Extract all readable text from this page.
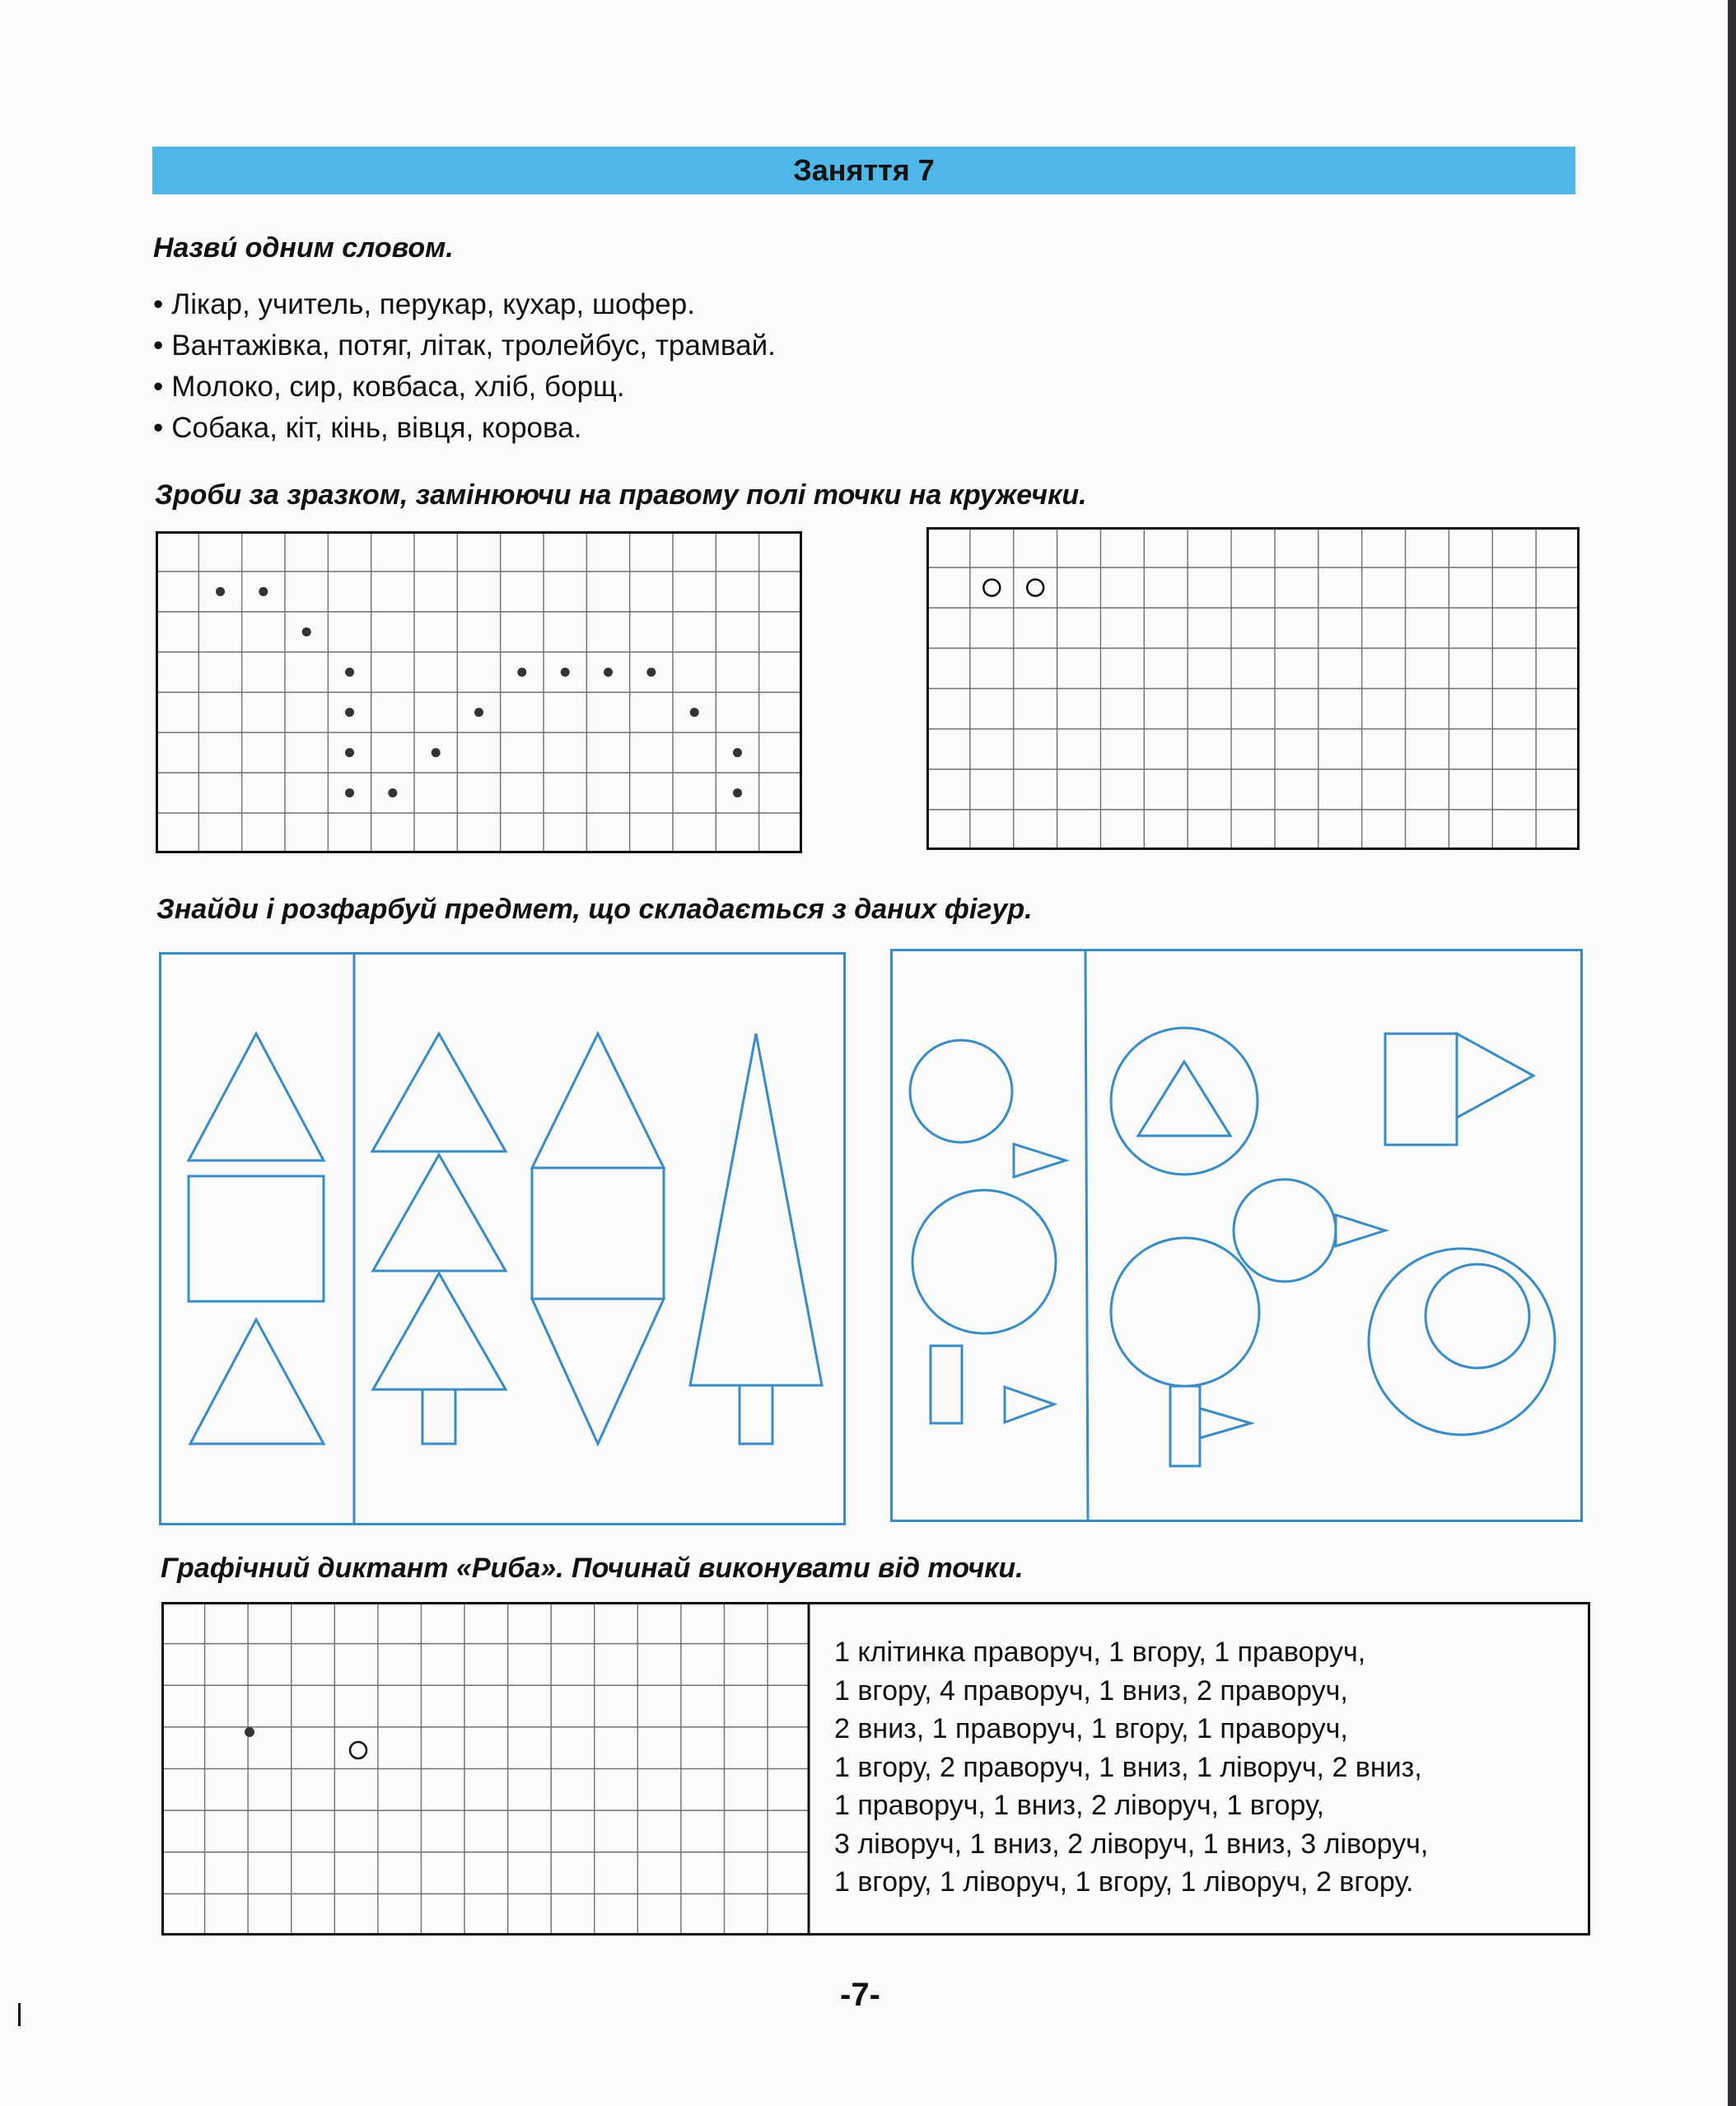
Заняття 7
Назви́ одним словом.
• Лікар, учитель, перукар, кухар, шофер.
• Вантажівка, потяг, літак, тролейбус, трамвай.
• Молоко, сир, ковбаса, хліб, борщ.
• Собака, кіт, кінь, вівця, корова.
Зроби за зразком, замінюючи на правому полі точки на кружечки.
Знайди і розфарбуй предмет, що складається з даних фігур.
Графічний диктант «Риба». Починай виконувати від точки.
1 клітинка праворуч, 1 вгору, 1 праворуч,
1 вгору, 4 праворуч, 1 вниз, 2 праворуч,
2 вниз, 1 праворуч, 1 вгору, 1 праворуч,
1 вгору, 2 праворуч, 1 вниз, 1 ліворуч, 2 вниз,
1 праворуч, 1 вниз, 2 ліворуч, 1 вгору,
3 ліворуч, 1 вниз, 2 ліворуч, 1 вниз, 3 ліворуч,
1 вгору, 1 ліворуч, 1 вгору, 1 ліворуч, 2 вгору.
-7-
